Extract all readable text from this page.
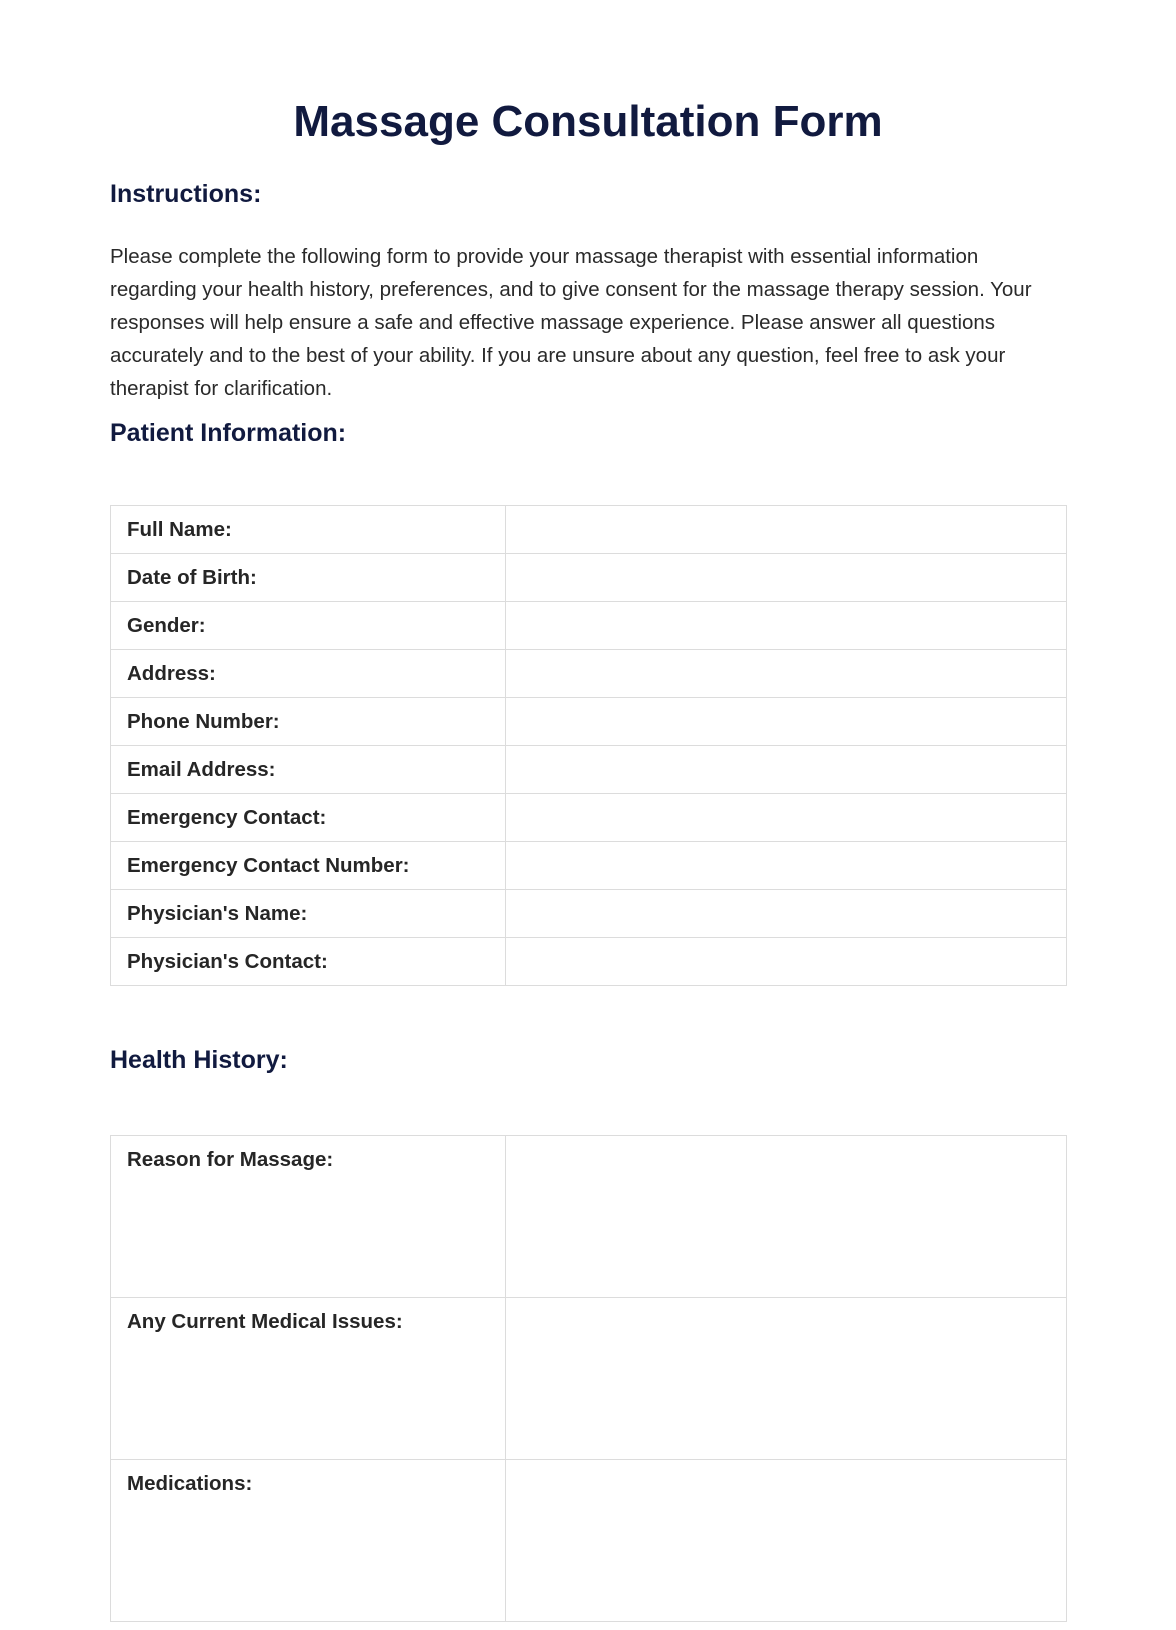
Massage Consultation Form
Instructions:

Please complete the following form to provide your massage therapist with essential information regarding your health history, preferences, and to give consent for the massage therapy session. Your responses will help ensure a safe and effective massage experience. Please answer all questions accurately and to the best of your ability. If you are unsure about any question, feel free to ask your therapist for clarification.

Patient Information:
Full Name:	
Date of Birth:	
Gender:	
Address:	
Phone Number:	
Email Address:	
Emergency Contact:	
Emergency Contact Number:	
Physician's Name:	
Physician's Contact:	
Health History:
Reason for Massage:	
Any Current Medical Issues:	
Medications:	
